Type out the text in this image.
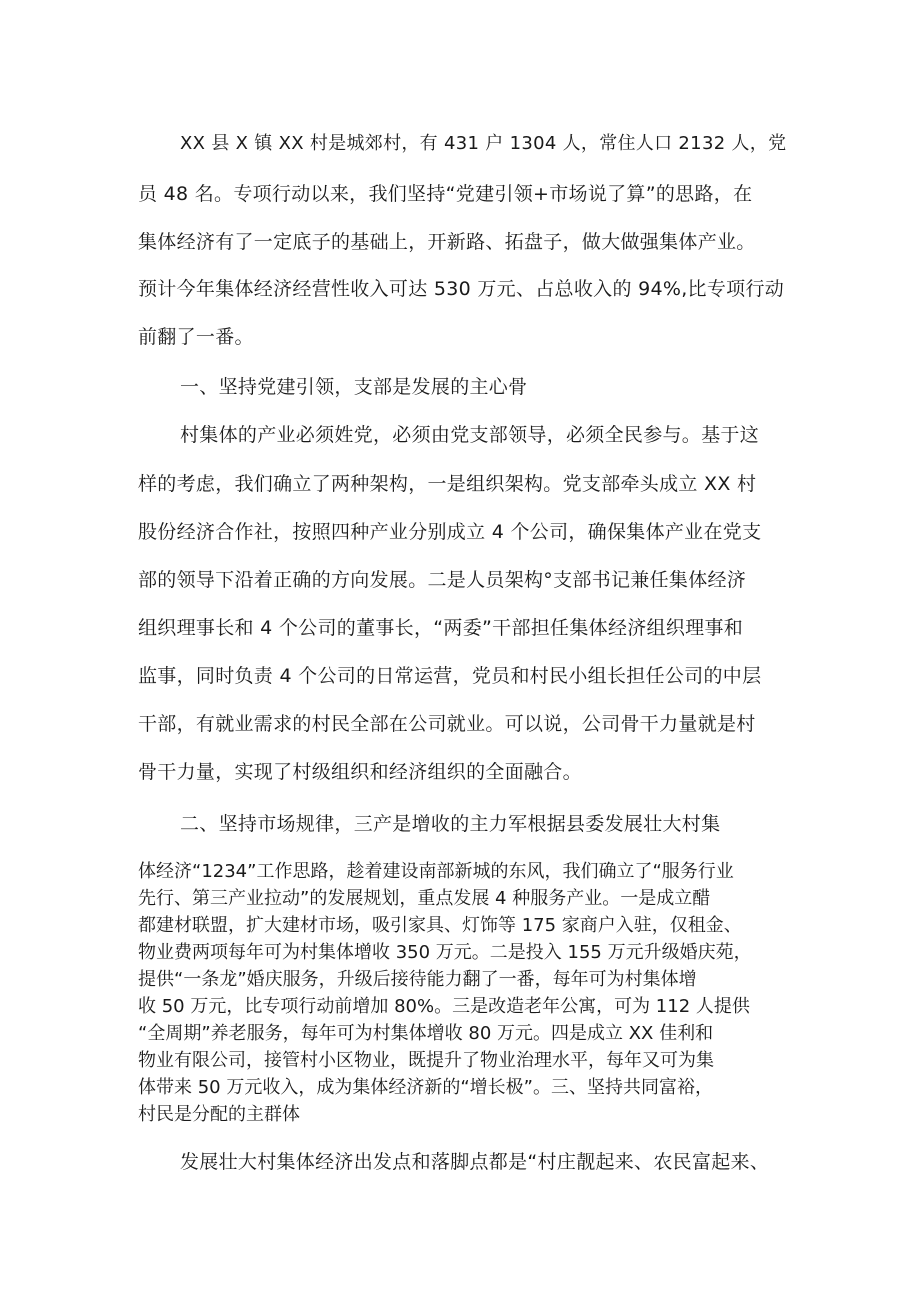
XX 县 X 镇 XX 村是城郊村，有 431 户 1304 人，常住人口 2132 人，党
员 48 名。专项行动以来，我们坚持“党建引领+市场说了算”的思路，在
集体经济有了一定底子的基础上，开新路、拓盘子，做大做强集体产业。
预计今年集体经济经营性收入可达 530 万元、占总收入的 94%,比专项行动
前翻了一番。
一、坚持党建引领，支部是发展的主心骨
村集体的产业必须姓党，必须由党支部领导，必须全民参与。基于这
样的考虑，我们确立了两种架构，一是组织架构。党支部牵头成立 XX 村
股份经济合作社，按照四种产业分别成立 4 个公司，确保集体产业在党支
部的领导下沿着正确的方向发展。二是人员架构°支部书记兼任集体经济
组织理事长和 4 个公司的董事长，“两委”干部担任集体经济组织理事和
监事，同时负责 4 个公司的日常运营，党员和村民小组长担任公司的中层
干部，有就业需求的村民全部在公司就业。可以说，公司骨干力量就是村
骨干力量，实现了村级组织和经济组织的全面融合。
二、坚持市场规律，三产是增收的主力军根据县委发展壮大村集
体经济“1234”工作思路，趁着建设南部新城的东风，我们确立了“服务行业
先行、第三产业拉动”的发展规划，重点发展 4 种服务产业。一是成立醋
都建材联盟，扩大建材市场，吸引家具、灯饰等 175 家商户入驻，仅租金、
物业费两项每年可为村集体增收 350 万元。二是投入 155 万元升级婚庆苑，
提供“一条龙”婚庆服务，升级后接待能力翻了一番，每年可为村集体增
收 50 万元，比专项行动前增加 80%。三是改造老年公寓，可为 112 人提供
“全周期”养老服务，每年可为村集体增收 80 万元。四是成立 XX 佳利和
物业有限公司，接管村小区物业，既提升了物业治理水平，每年又可为集
体带来 50 万元收入，成为集体经济新的“增长极”。三、坚持共同富裕，
村民是分配的主群体
发展壮大村集体经济出发点和落脚点都是“村庄靓起来、农民富起来、
